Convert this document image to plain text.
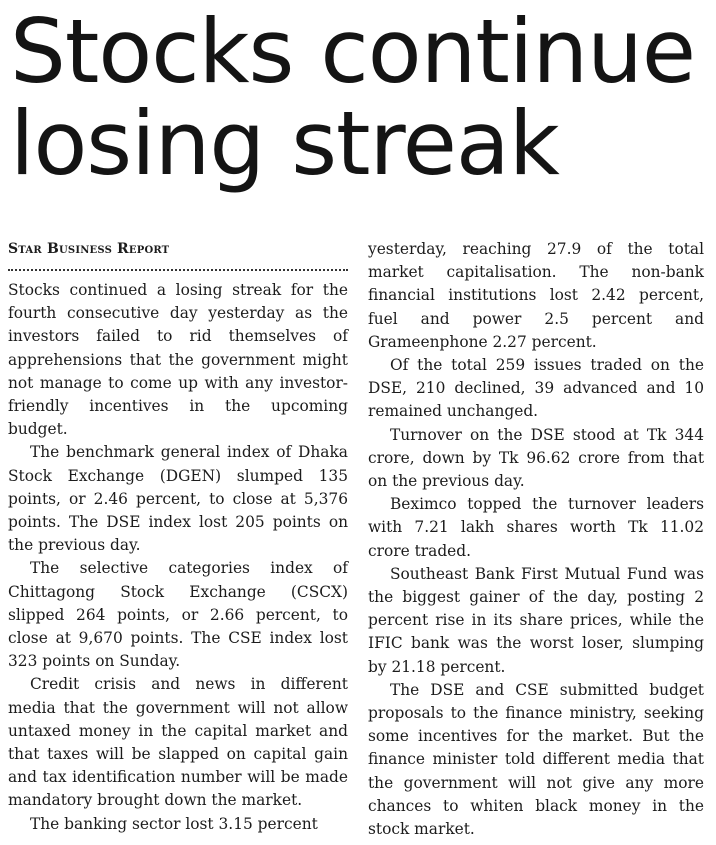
Stocks continue
losing streak
Star Business Report

Stocks continued a losing streak for the fourth consecutive day yesterday as the investors failed to rid themselves of apprehensions that the government might not manage to come up with any investor-friendly incentives in the upcoming budget.

The benchmark general index of Dhaka Stock Exchange (DGEN) slumped 135 points, or 2.46 percent, to close at 5,376 points. The DSE index lost 205 points on the previous day.

The selective categories index of Chittagong Stock Exchange (CSCX) slipped 264 points, or 2.66 percent, to close at 9,670 points. The CSE index lost 323 points on Sunday.

Credit crisis and news in different media that the government will not allow untaxed money in the capital market and that taxes will be slapped on capital gain and tax identification number will be made mandatory brought down the market.

The banking sector lost 3.15 percent

yesterday, reaching 27.9 of the total market capitalisation. The non-bank financial institutions lost 2.42 percent, fuel and power 2.5 percent and Grameenphone 2.27 percent.

Of the total 259 issues traded on the DSE, 210 declined, 39 advanced and 10 remained unchanged.

Turnover on the DSE stood at Tk 344 crore, down by Tk 96.62 crore from that on the previous day.

Beximco topped the turnover leaders with 7.21 lakh shares worth Tk 11.02 crore traded.

Southeast Bank First Mutual Fund was the biggest gainer of the day, posting 2 percent rise in its share prices, while the IFIC bank was the worst loser, slumping by 21.18 percent.

The DSE and CSE submitted budget proposals to the finance ministry, seeking some incentives for the market. But the finance minister told different media that the government will not give any more chances to whiten black money in the stock market.
